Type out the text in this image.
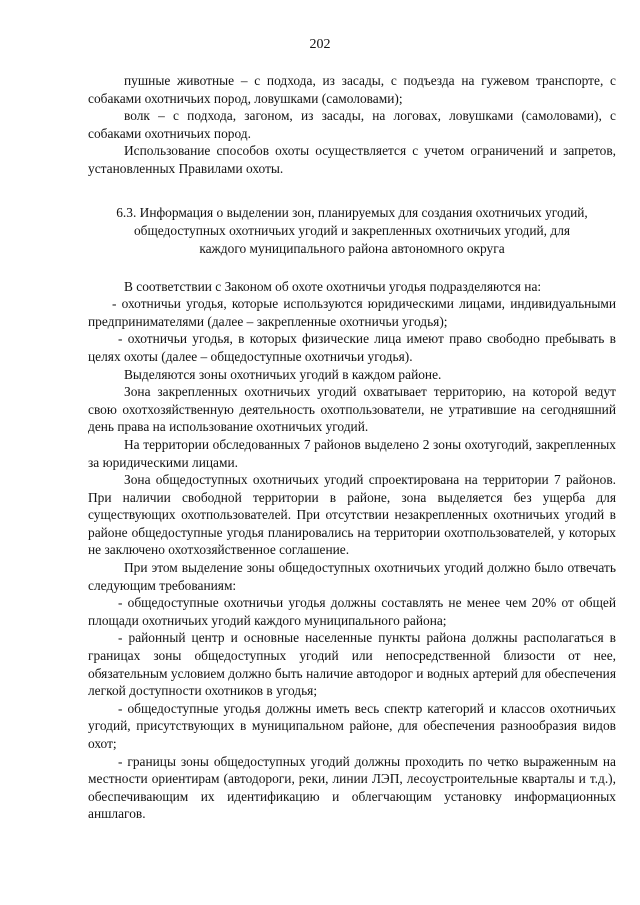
202

пушные животные – с подхода, из засады, с подъезда на гужевом транспорте, с собаками охотничьих пород, ловушками (самоловами);

волк – с подхода, загоном, из засады, на логовах, ловушками (самоловами), с собаками охотничьих пород.

Использование способов охоты осуществляется с учетом ограничений и запретов, установленных Правилами охоты.

6.3. Информация о выделении зон, планируемых для создания охотничьих угодий, общедоступных охотничьих угодий и закрепленных охотничьих угодий, для каждого муниципального района автономного округа

В соответствии с Законом об охоте охотничьи угодья подразделяются на:

- охотничьи угодья, которые используются юридическими лицами, индивидуальными предпринимателями (далее – закрепленные охотничьи угодья);

- охотничьи угодья, в которых физические лица имеют право свободно пребывать в целях охоты (далее – общедоступные охотничьи угодья).

Выделяются зоны охотничьих угодий в каждом районе.

Зона закрепленных охотничьих угодий охватывает территорию, на которой ведут свою охотхозяйственную деятельность охотпользователи, не утратившие на сегодняшний день права на использование охотничьих угодий.

На территории обследованных 7 районов выделено 2 зоны охотугодий, закрепленных за юридическими лицами.

Зона общедоступных охотничьих угодий спроектирована на территории 7 районов. При наличии свободной территории в районе, зона выделяется без ущерба для существующих охотпользователей. При отсутствии незакрепленных охотничьих угодий в районе общедоступные угодья планировались на территории охотпользователей, у которых не заключено охотхозяйственное соглашение.

При этом выделение зоны общедоступных охотничьих угодий должно было отвечать следующим требованиям:

- общедоступные охотничьи угодья должны составлять не менее чем 20% от общей площади охотничьих угодий каждого муниципального района;

- районный центр и основные населенные пункты района должны располагаться в границах зоны общедоступных угодий или непосредственной близости от нее, обязательным условием должно быть наличие автодорог и водных артерий для обеспечения легкой доступности охотников в угодья;

- общедоступные угодья должны иметь весь спектр категорий и классов охотничьих угодий, присутствующих в муниципальном районе, для обеспечения разнообразия видов охот;

- границы зоны общедоступных угодий должны проходить по четко выраженным на местности ориентирам (автодороги, реки, линии ЛЭП, лесоустроительные кварталы и т.д.), обеспечивающим их идентификацию и облегчающим установку информационных аншлагов.
